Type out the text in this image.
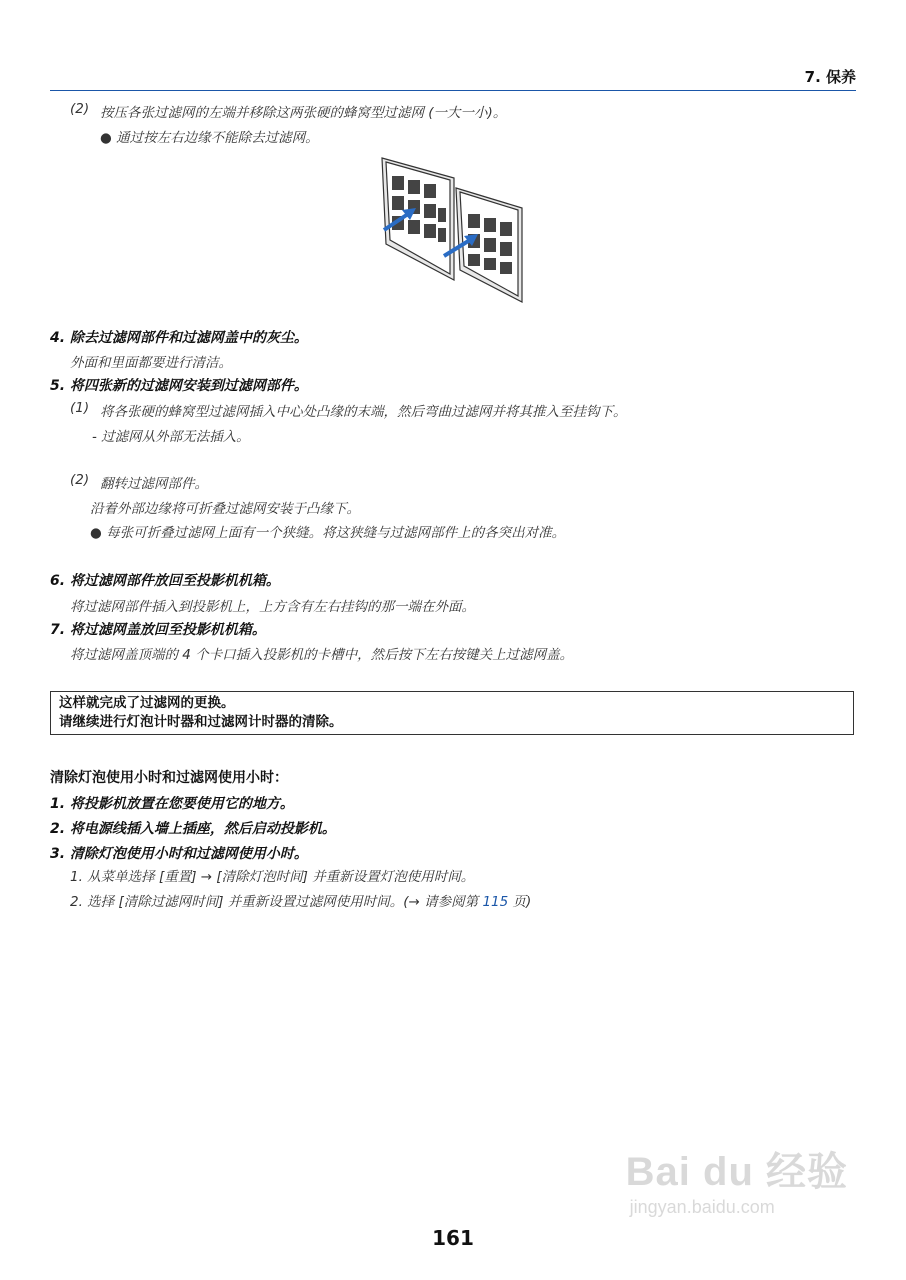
7. 保养
(2) 按压各张过滤网的左端并移除这两张硬的蜂窝型过滤网 (一大一小)。
● 通过按左右边缘不能除去过滤网。
4. 除去过滤网部件和过滤网盖中的灰尘。
外面和里面都要进行清洁。
5. 将四张新的过滤网安装到过滤网部件。
(1) 将各张硬的蜂窝型过滤网插入中心处凸缘的末端，然后弯曲过滤网并将其推入至挂钩下。
- 过滤网从外部无法插入。
(2) 翻转过滤网部件。
沿着外部边缘将可折叠过滤网安装于凸缘下。
● 每张可折叠过滤网上面有一个狭缝。将这狭缝与过滤网部件上的各突出对准。
6. 将过滤网部件放回至投影机机箱。
将过滤网部件插入到投影机上，上方含有左右挂钩的那一端在外面。
7. 将过滤网盖放回至投影机机箱。
将过滤网盖顶端的 4 个卡口插入投影机的卡槽中，然后按下左右按键关上过滤网盖。
这样就完成了过滤网的更换。
请继续进行灯泡计时器和过滤网计时器的清除。
清除灯泡使用小时和过滤网使用小时：
1. 将投影机放置在您要使用它的地方。
2. 将电源线插入墙上插座，然后启动投影机。
3. 清除灯泡使用小时和过滤网使用小时。
1. 从菜单选择 [重置] → [清除灯泡时间] 并重新设置灯泡使用时间。
2. 选择 [清除过滤网时间] 并重新设置过滤网使用时间。(→ 请参阅第 115 页)
161
Bai du 经验
jingyan.baidu.com
